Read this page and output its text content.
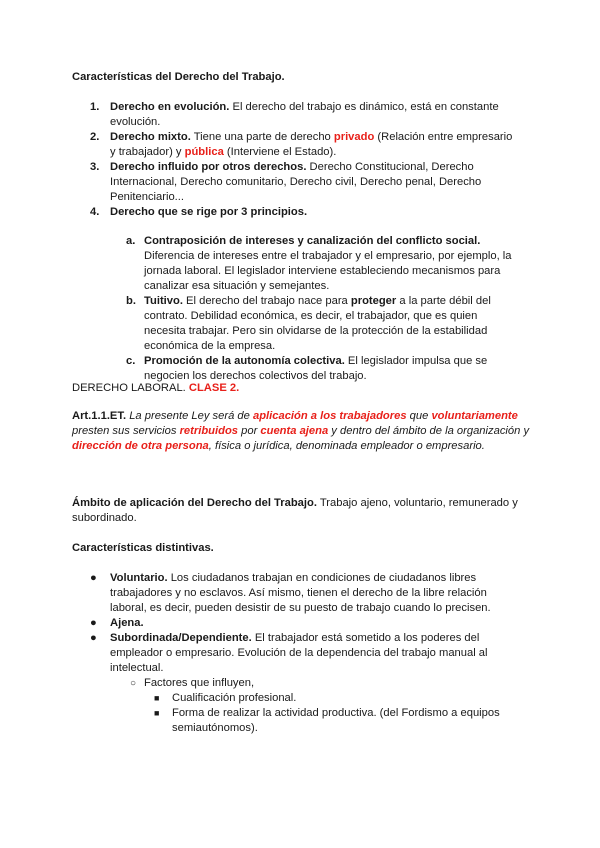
Características del Derecho del Trabajo.
1. Derecho en evolución. El derecho del trabajo es dinámico, está en constante evolución.
2. Derecho mixto. Tiene una parte de derecho privado (Relación entre empresario y trabajador) y pública (Interviene el Estado).
3. Derecho influido por otros derechos. Derecho Constitucional, Derecho Internacional, Derecho comunitario, Derecho civil, Derecho penal, Derecho Penitenciario...
4. Derecho que se rige por 3 principios.
a. Contraposición de intereses y canalización del conflicto social. Diferencia de intereses entre el trabajador y el empresario, por ejemplo, la jornada laboral. El legislador interviene estableciendo mecanismos para canalizar esa situación y semejantes.
b. Tuitivo. El derecho del trabajo nace para proteger a la parte débil del contrato. Debilidad económica, es decir, el trabajador, que es quien necesita trabajar. Pero sin olvidarse de la protección de la estabilidad económica de la empresa.
c. Promoción de la autonomía colectiva. El legislador impulsa que se negocien los derechos colectivos del trabajo.
DERECHO LABORAL. CLASE 2.
Art.1.1.ET. La presente Ley será de aplicación a los trabajadores que voluntariamente presten sus servicios retribuidos por cuenta ajena y dentro del ámbito de la organización y dirección de otra persona, física o jurídica, denominada empleador o empresario.
Ámbito de aplicación del Derecho del Trabajo. Trabajo ajeno, voluntario, remunerado y subordinado.
Características distintivas.
● Voluntario. Los ciudadanos trabajan en condiciones de ciudadanos libres trabajadores y no esclavos. Así mismo, tienen el derecho de la libre relación laboral, es decir, pueden desistir de su puesto de trabajo cuando lo precisen.
● Ajena.
● Subordinada/Dependiente. El trabajador está sometido a los poderes del empleador o empresario. Evolución de la dependencia del trabajo manual al intelectual.
○ Factores que influyen,
■ Cualificación profesional.
■ Forma de realizar la actividad productiva. (del Fordismo a equipos semiautónomos).
